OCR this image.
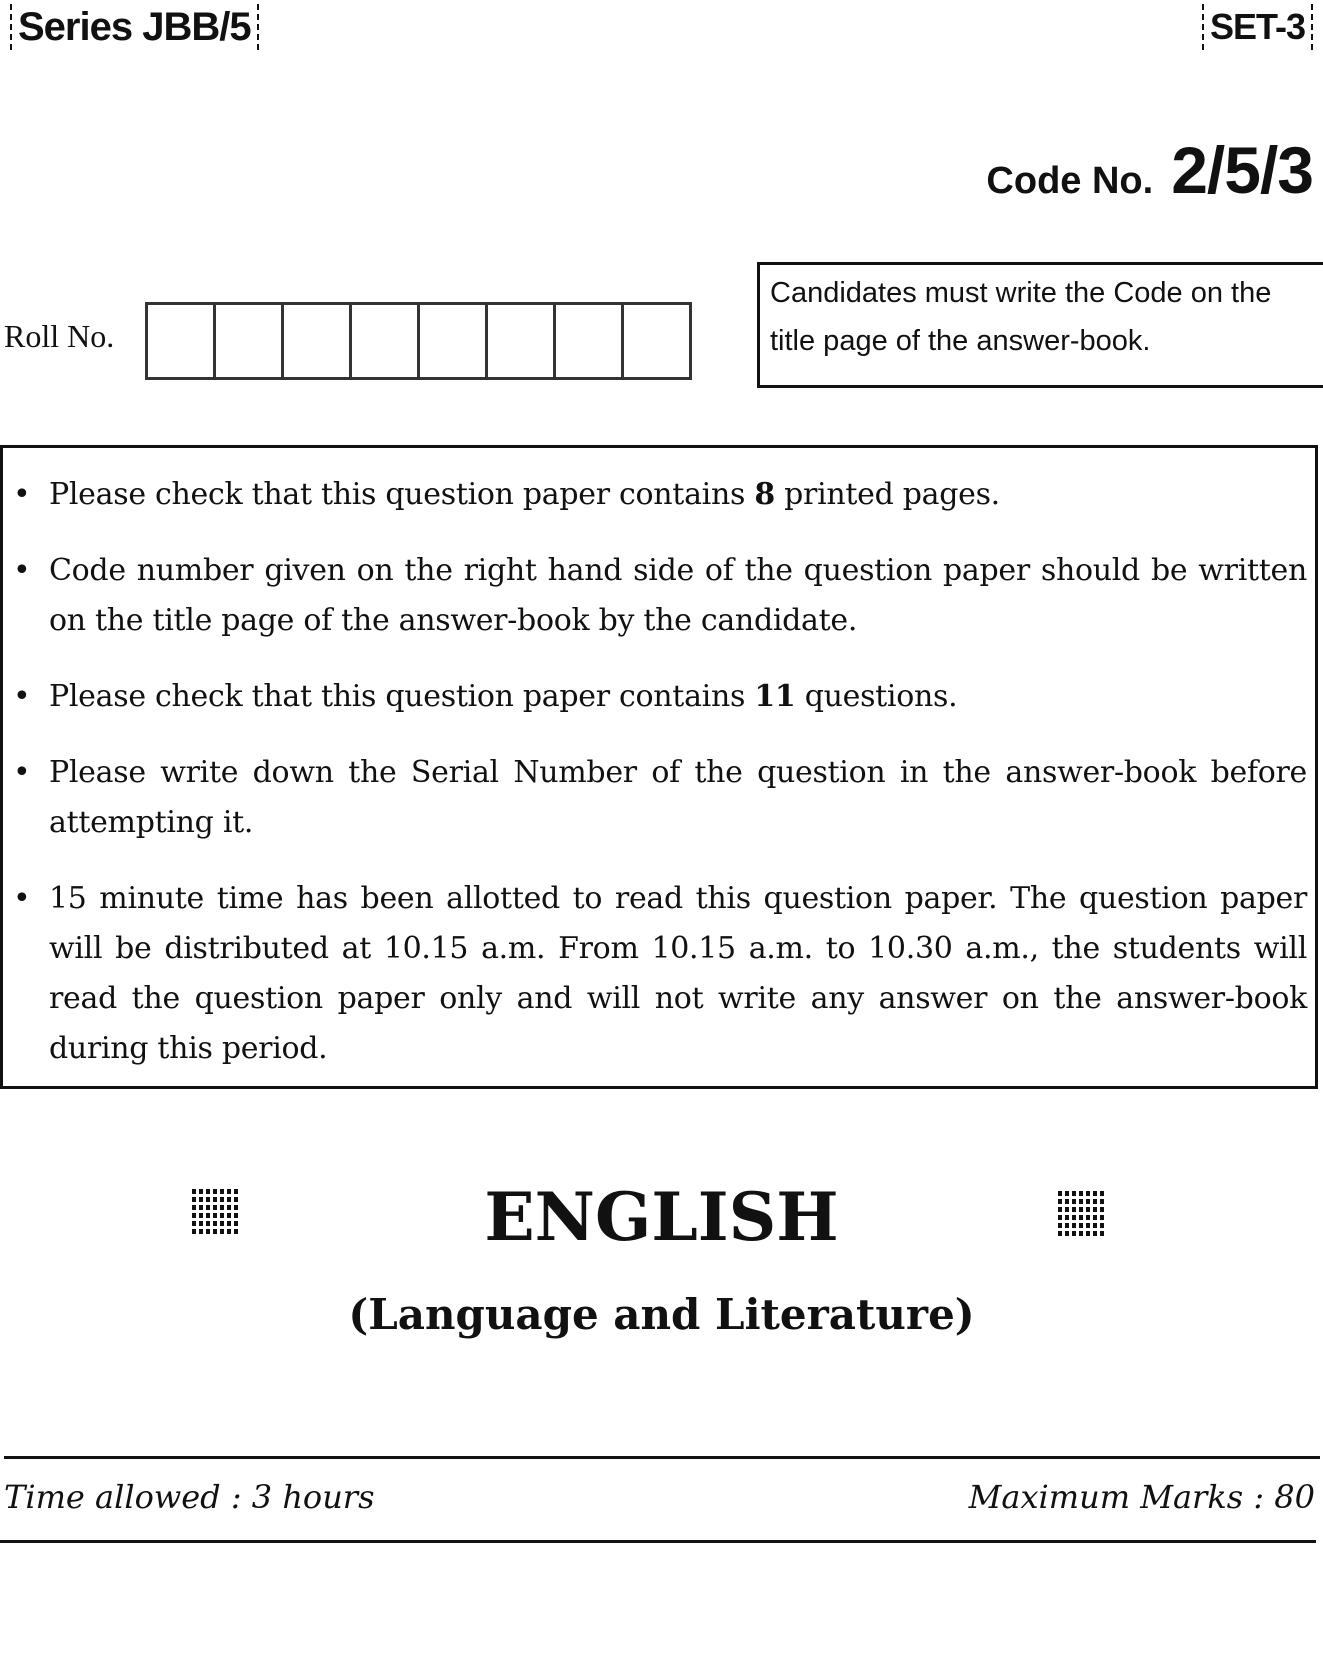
Series JBB/5	SET-3
Code No. 2/5/3
Roll No.
Candidates must write the Code on the title page of the answer-book.
• Please check that this question paper contains 8 printed pages.
• Code number given on the right hand side of the question paper should be written on the title page of the answer-book by the candidate.
• Please check that this question paper contains 11 questions.
• Please write down the Serial Number of the question in the answer-book before attempting it.
• 15 minute time has been allotted to read this question paper. The question paper will be distributed at 10.15 a.m. From 10.15 a.m. to 10.30 a.m., the students will read the question paper only and will not write any answer on the answer-book during this period.
ENGLISH
(Language and Literature)
Time allowed : 3 hours	Maximum Marks : 80
